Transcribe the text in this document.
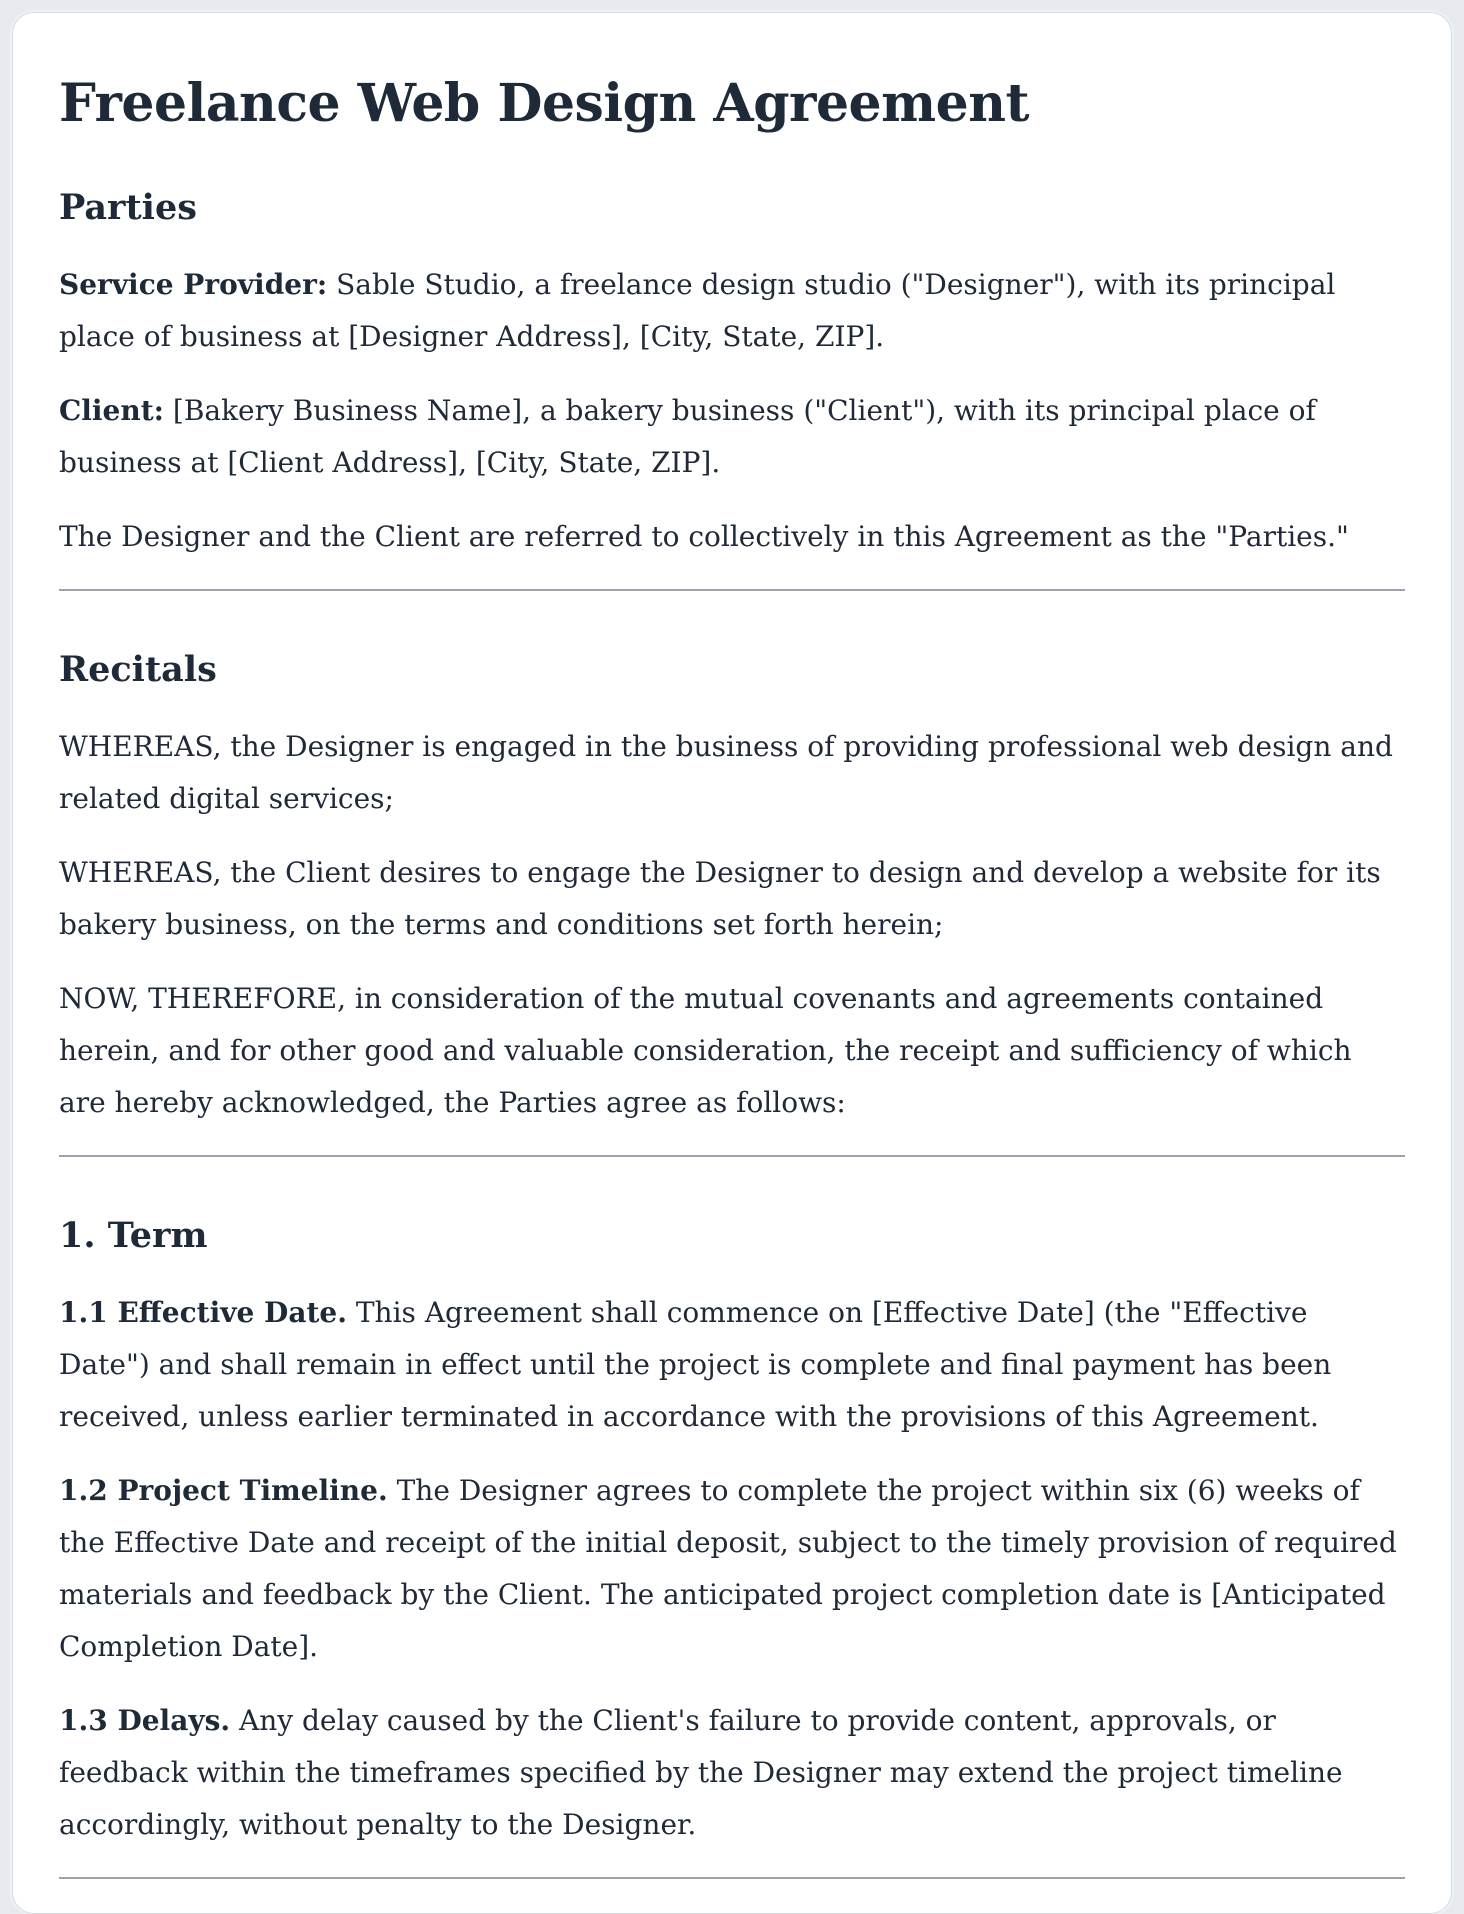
Freelance Web Design Agreement
Parties

Service Provider: Sable Studio, a freelance design studio ("Designer"), with its principal place of business at [Designer Address], [City, State, ZIP].

Client: [Bakery Business Name], a bakery business ("Client"), with its principal place of business at [Client Address], [City, State, ZIP].

The Designer and the Client are referred to collectively in this Agreement as the "Parties."

Recitals

WHEREAS, the Designer is engaged in the business of providing professional web design and related digital services;

WHEREAS, the Client desires to engage the Designer to design and develop a website for its bakery business, on the terms and conditions set forth herein;

NOW, THEREFORE, in consideration of the mutual covenants and agreements contained herein, and for other good and valuable consideration, the receipt and sufficiency of which are hereby acknowledged, the Parties agree as follows:

1. Term

1.1 Effective Date. This Agreement shall commence on [Effective Date] (the "Effective Date") and shall remain in effect until the project is complete and final payment has been received, unless earlier terminated in accordance with the provisions of this Agreement.

1.2 Project Timeline. The Designer agrees to complete the project within six (6) weeks of the Effective Date and receipt of the initial deposit, subject to the timely provision of required materials and feedback by the Client. The anticipated project completion date is [Anticipated Completion Date].

1.3 Delays. Any delay caused by the Client's failure to provide content, approvals, or feedback within the timeframes specified by the Designer may extend the project timeline accordingly, without penalty to the Designer.
